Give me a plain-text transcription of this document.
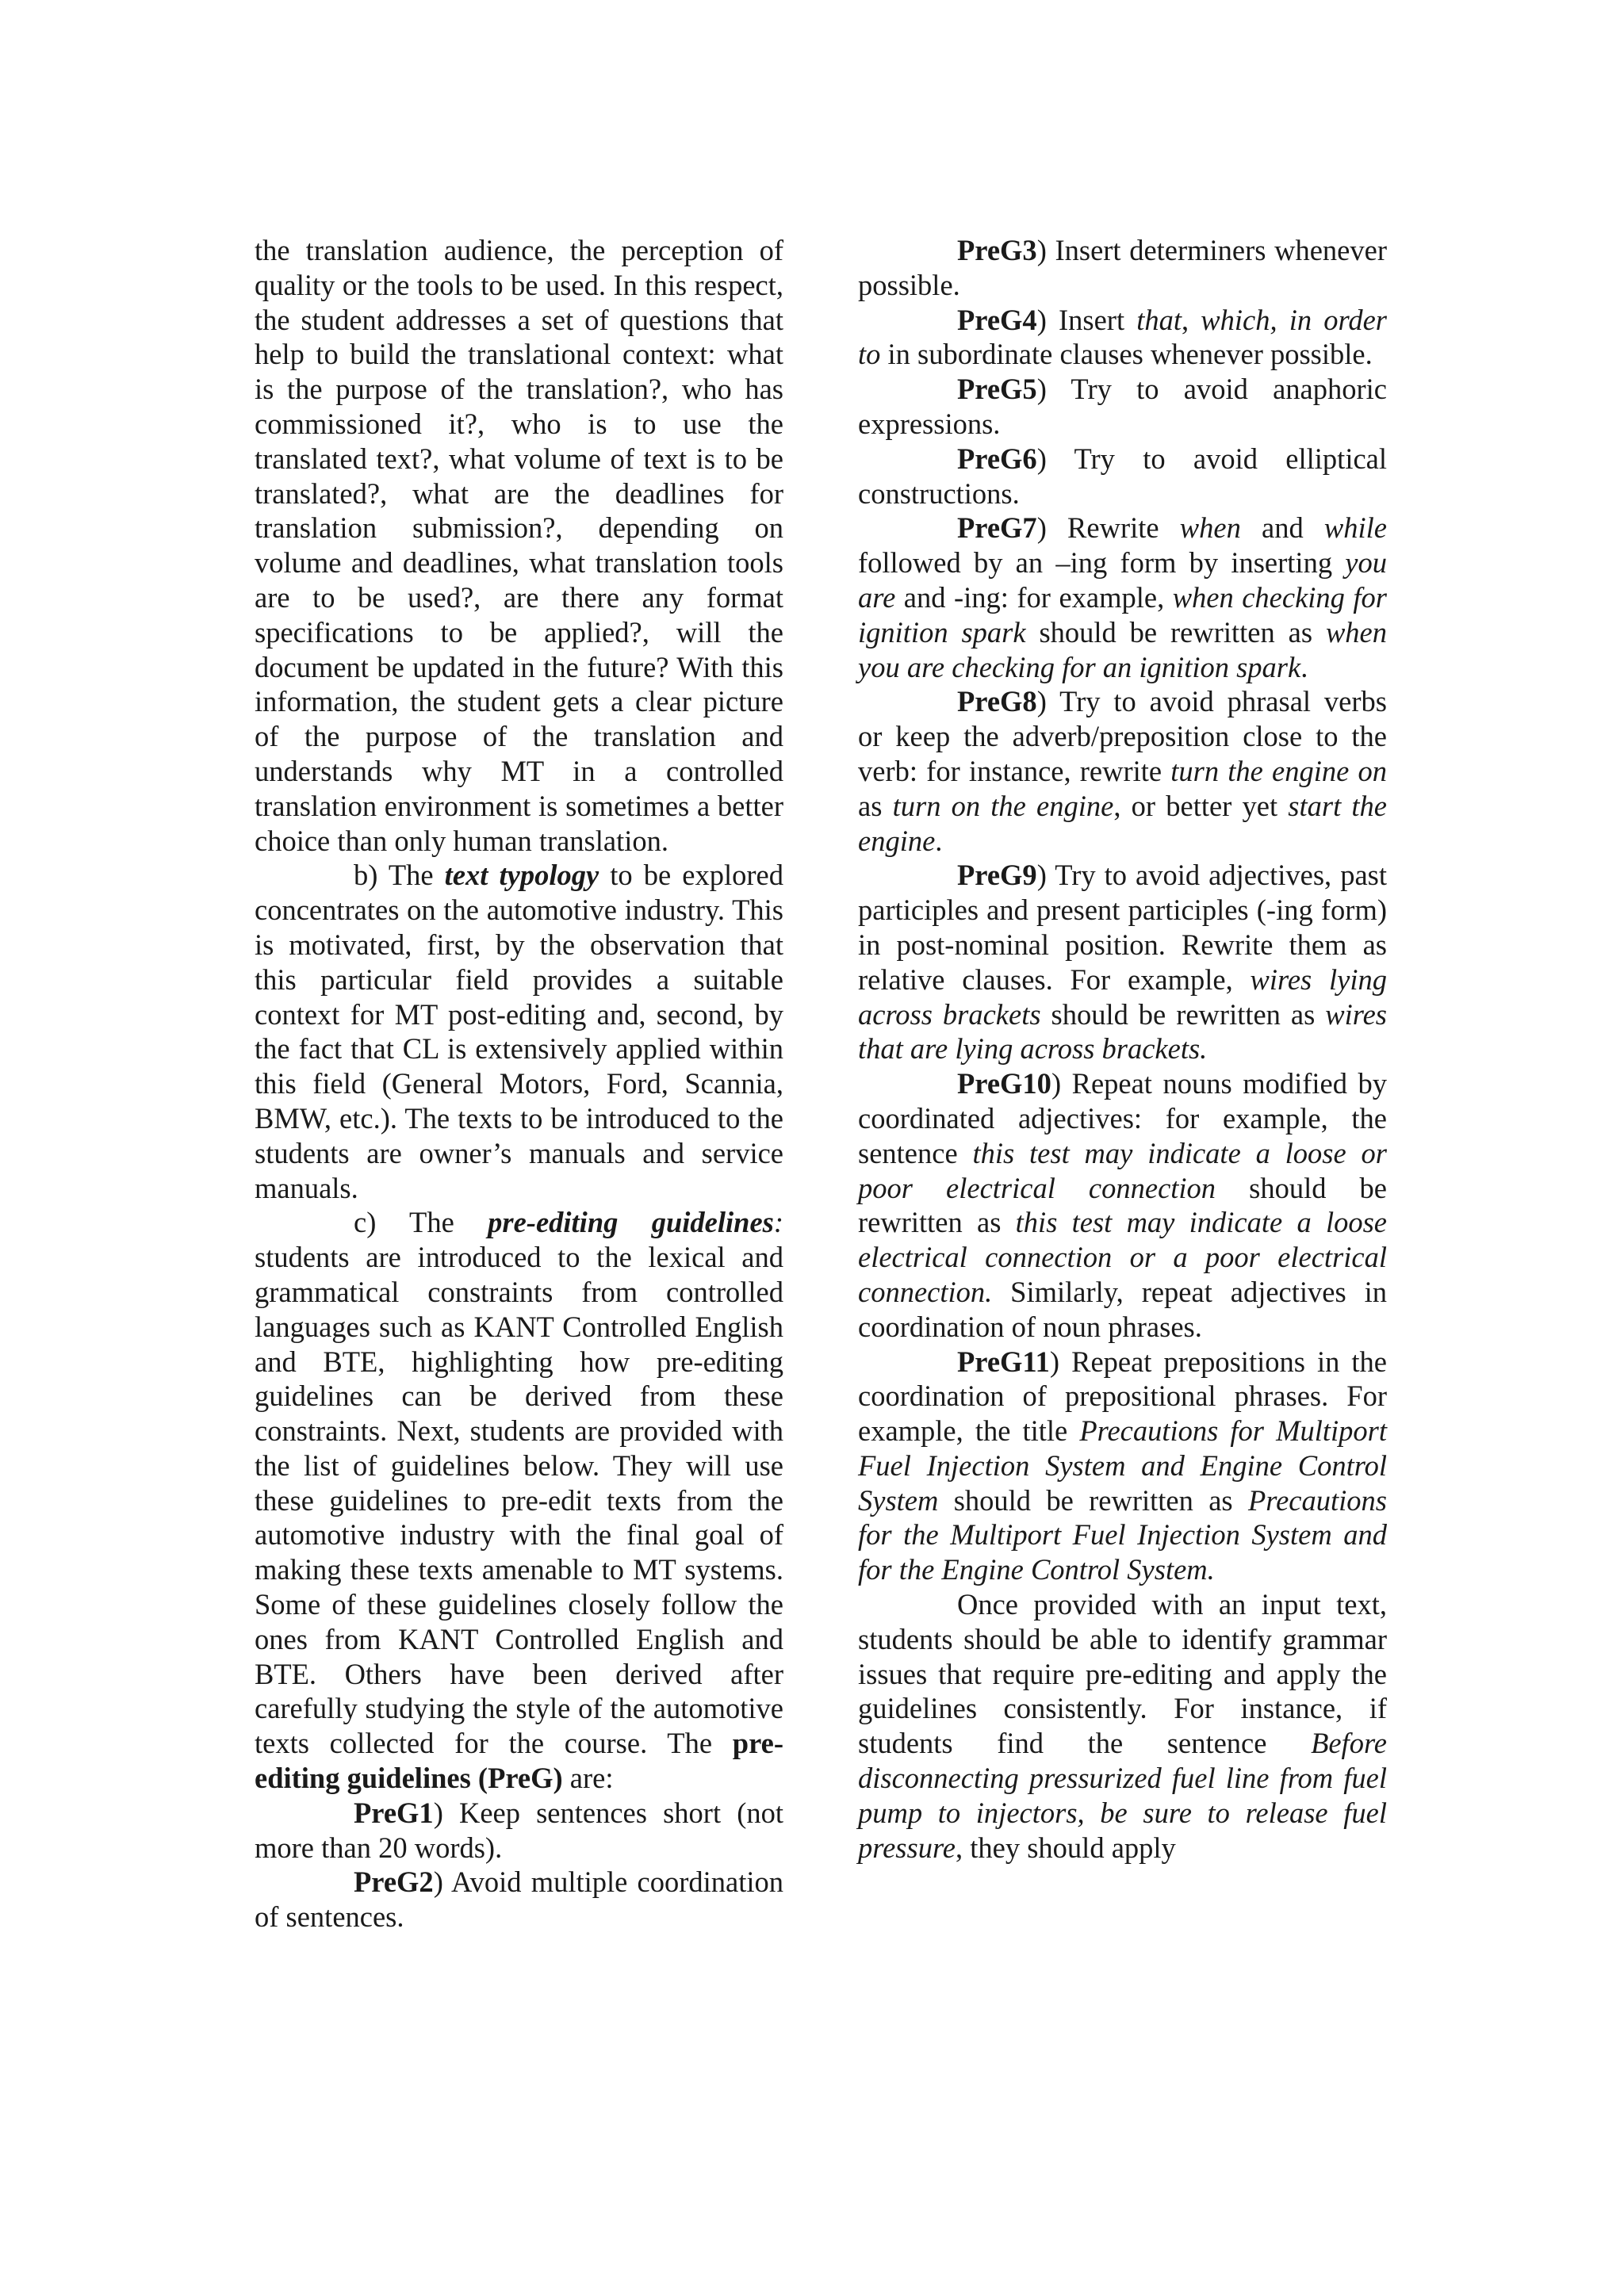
the translation audience, the perception of quality or the tools to be used. In this respect, the student addresses a set of questions that help to build the translational context: what is the purpose of the translation?, who has commissioned it?, who is to use the translated text?, what volume of text is to be translated?, what are the deadlines for translation submission?, depending on volume and deadlines, what translation tools are to be used?, are there any format specifications to be applied?, will the document be updated in the future? With this information, the student gets a clear picture of the purpose of the translation and understands why MT in a controlled translation environment is sometimes a better choice than only human translation.

b) The text typology to be explored concentrates on the automotive industry. This is motivated, first, by the observation that this particular field provides a suitable context for MT post-editing and, second, by the fact that CL is extensively applied within this field (General Motors, Ford, Scannia, BMW, etc.). The texts to be introduced to the students are owner’s manuals and service manuals.

c) The pre-editing guidelines: students are introduced to the lexical and grammatical constraints from controlled languages such as KANT Controlled English and BTE, highlighting how pre-editing guidelines can be derived from these constraints. Next, students are provided with the list of guidelines below. They will use these guidelines to pre-edit texts from the automotive industry with the final goal of making these texts amenable to MT systems. Some of these guidelines closely follow the ones from KANT Controlled English and BTE. Others have been derived after carefully studying the style of the automotive texts collected for the course. The pre-editing guidelines (PreG) are:

PreG1) Keep sentences short (not more than 20 words).

PreG2) Avoid multiple coordination of sentences.

PreG3) Insert determiners whenever possible.

PreG4) Insert that, which, in order to in subordinate clauses whenever possible.

PreG5) Try to avoid anaphoric expressions.

PreG6) Try to avoid elliptical constructions.

PreG7) Rewrite when and while followed by an –ing form by inserting you are and -ing: for example, when checking for ignition spark should be rewritten as when you are checking for an ignition spark.

PreG8) Try to avoid phrasal verbs or keep the adverb/preposition close to the verb: for instance, rewrite turn the engine on as turn on the engine, or better yet start the engine.

PreG9) Try to avoid adjectives, past participles and present participles (-ing form) in post-nominal position. Rewrite them as relative clauses. For example, wires lying across brackets should be rewritten as wires that are lying across brackets.

PreG10) Repeat nouns modified by coordinated adjectives: for example, the sentence this test may indicate a loose or poor electrical connection should be rewritten as this test may indicate a loose electrical connection or a poor electrical connection. Similarly, repeat adjectives in coordination of noun phrases.

PreG11) Repeat prepositions in the coordination of prepositional phrases. For example, the title Precautions for Multiport Fuel Injection System and Engine Control System should be rewritten as Precautions for the Multiport Fuel Injection System and for the Engine Control System.

Once provided with an input text, students should be able to identify grammar issues that require pre-editing and apply the guidelines consistently. For instance, if students find the sentence Before disconnecting pressurized fuel line from fuel pump to injectors, be sure to release fuel pressure, they should apply
